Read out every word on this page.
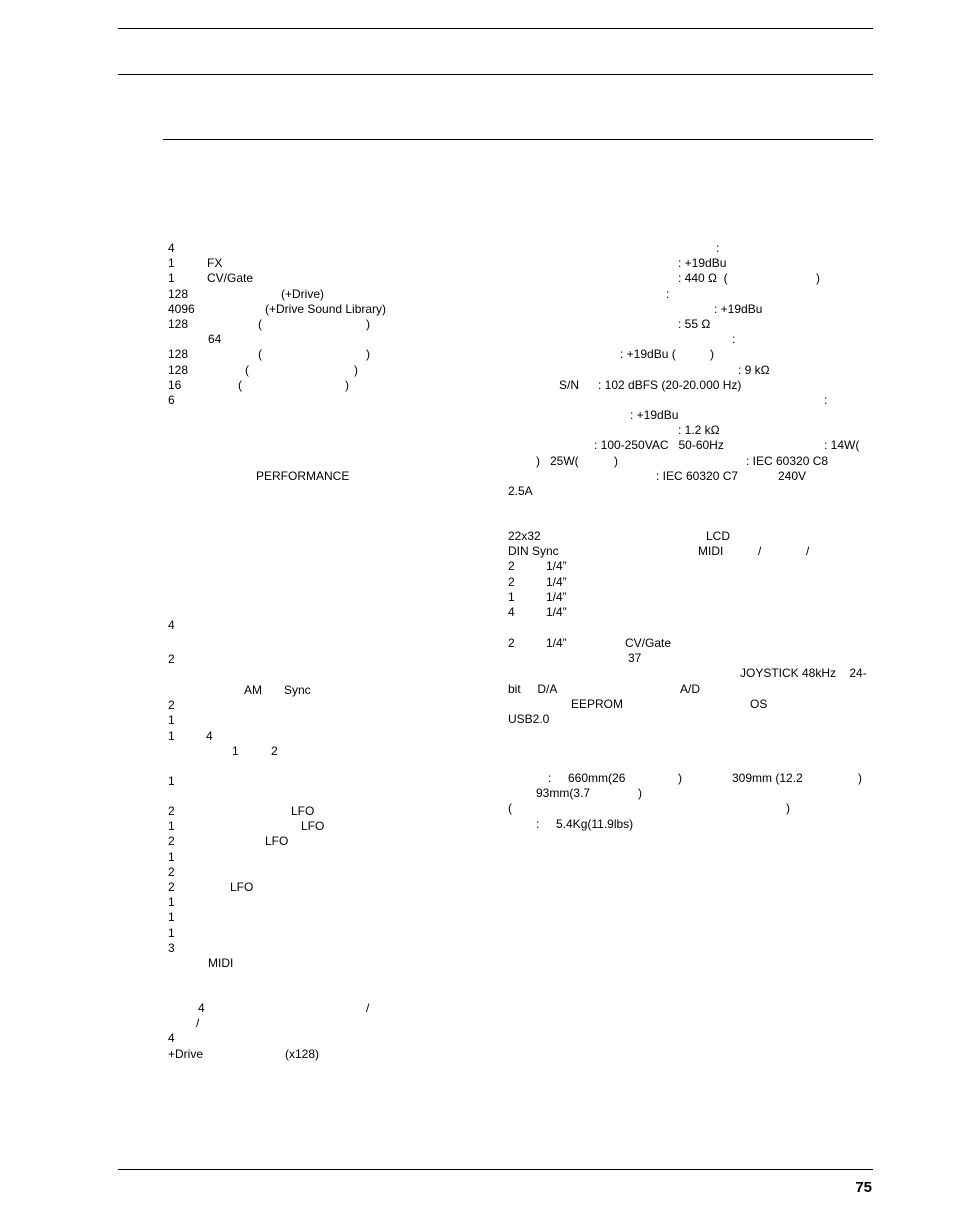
4
1	FX
1	CV/Gate
128	(+Drive)
4096	(+Drive Sound Library)
128	(	)
64
128	(	)
128	(	)
16	(	)
6
PERFORMANCE
4
2
AM Sync
2
1
1	4
1	2
1
2	LFO
1	LFO
2	LFO
1
2
2	LFO
1
1
1
3
MIDI
4	/
/
4
+Drive	(x128)
:
: +19dBu
: 440 Ω  (	)
:
: +19dBu
: 55 Ω
:
: +19dBu (	)
: 9 kΩ
S/N : 102 dBFS (20-20.000 Hz)
:
: +19dBu
: 1.2 kΩ
: 100-250VAC   50-60Hz	: 14W(
)   25W(	)	: IEC 60320 C8
: IEC 60320 C7	240V
2.5A
22x32	LCD
DIN Sync	MIDI	/	/
2	1/4”
2	1/4”
1	1/4”
4	1/4”
2	1/4”	CV/Gate
37
JOYSTICK 48kHz    24-
bit     D/A	A/D
EEPROM	OS
USB2.0
:     660mm(26	)	309mm (12.2	)
93mm(3.7	)
(	)
:     5.4Kg(11.9lbs)
75
